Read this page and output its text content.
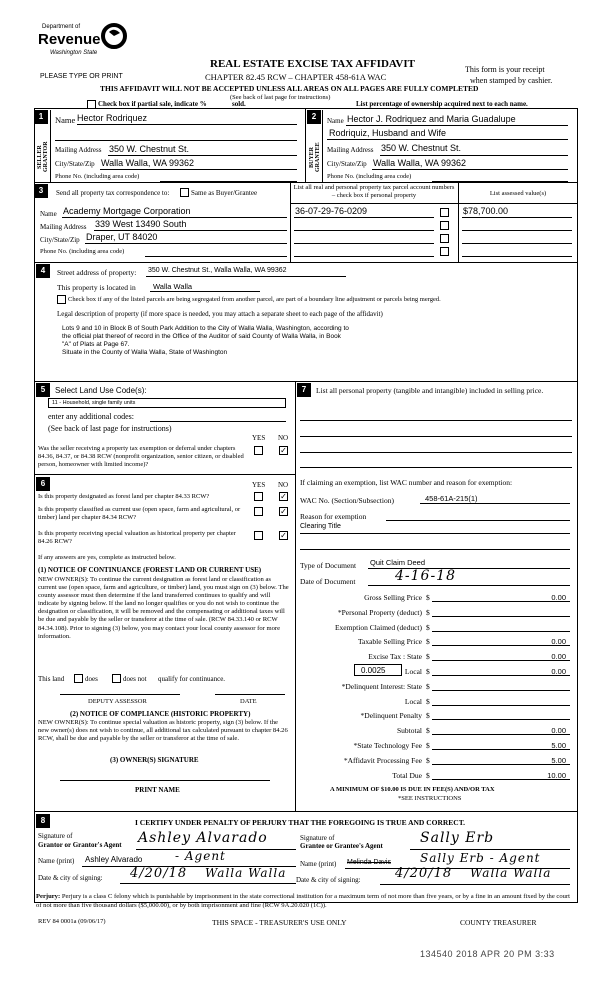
Department of
Revenue
Washington State
PLEASE TYPE OR PRINT
REAL ESTATE EXCISE TAX AFFIDAVIT
CHAPTER 82.45 RCW – CHAPTER 458-61A WAC
This form is your receipt
when stamped by cashier.
THIS AFFIDAVIT WILL NOT BE ACCEPTED UNLESS ALL AREAS ON ALL PAGES ARE FULLY COMPLETED
(See back of last page for instructions)
Check box if partial sale, indicate %	sold.	List percentage of ownership acquired next to each name.
1
SELLER GRANTOR
Name Hector Rodriquez
Mailing Address 350 W. Chestnut St.
City/State/Zip Walla Walla, WA 99362
Phone No. (including area code)
2
BUYER GRANTEE
Name Hector J. Rodriquez and Maria Guadalupe
Rodriquiz, Husband and Wife
Mailing Address 350 W. Chestnut St.
City/State/Zip Walla Walla, WA 99362
Phone No. (including area code)
3	Send all property tax correspondence to:	Same as Buyer/Grantee
Name Academy Mortgage Corporation
Mailing Address 339 West 13490 South
City/State/Zip Draper, UT 84020
Phone No. (including area code)
List all real and personal property tax parcel account numbers – check box if personal property	List assessed value(s)
36-07-29-76-0209	$78,700.00
4	Street address of property: 350 W. Chestnut St., Walla Walla, WA 99362
This property is located in Walla Walla
Check box if any of the listed parcels are being segregated from another parcel, are part of a boundary line adjustment or parcels being merged.
Legal description of property (if more space is needed, you may attach a separate sheet to each page of the affidavit)
Lots 9 and 10 in Block B of South Park Addition to the City of Walla Walla, Washington, according to
the official plat thereof of record in the Office of the Auditor of said County of Walla Walla, in Book
"A" of Plats at Page 67.
Situate in the County of Walla Walla, State of Washington
5	Select Land Use Code(s):
11 - Household, single family units
enter any additional codes:
(See back of last page for instructions)
YES NO
Was the seller receiving a property tax exemption or deferral under chapters 84.36, 84.37, or 84.38 RCW (nonprofit organization, senior citizen, or disabled person, homeowner with limited income)?
✓
6	YES NO
Is this property designated as forest land per chapter 84.33 RCW?	✓
Is this property classified as current use (open space, farm and agricultural, or timber) land per chapter 84.34 RCW?
✓
Is this property receiving special valuation as historical property per chapter 84.26 RCW?
✓
If any answers are yes, complete as instructed below.
(1) NOTICE OF CONTINUANCE (FOREST LAND OR CURRENT USE)
NEW OWNER(S): To continue the current designation as forest land or classification as current use (open space, farm and agriculture, or timber) land, you must sign on (3) below. The county assessor must then determine if the land transferred continues to qualify and will indicate by signing below. If the land no longer qualifies or you do not wish to continue the designation or classification, it will be removed and the compensating or additional taxes will be due and payable by the seller or transferor at the time of sale. (RCW 84.33.140 or RCW 84.34.108). Prior to signing (3) below, you may contact your local county assessor for more information.
This land	does	does not qualify for continuance.
DEPUTY ASSESSOR	DATE
(2) NOTICE OF COMPLIANCE (HISTORIC PROPERTY)
NEW OWNER(S): To continue special valuation as historic property, sign (3) below. If the new owner(s) does not wish to continue, all additional tax calculated pursuant to chapter 84.26 RCW, shall be due and payable by the seller or transferor at the time of sale.
(3) OWNER(S) SIGNATURE
PRINT NAME
7	List all personal property (tangible and intangible) included in selling price.
If claiming an exemption, list WAC number and reason for exemption:
WAC No. (Section/Subsection)	458-61A-215(1)
Reason for exemption
Clearing Title
Type of Document Quit Claim Deed
Date of Document	4-16-18
Gross Selling Price $	0.00
*Personal Property (deduct) $
Exemption Claimed (deduct) $
Taxable Selling Price $	0.00
Excise Tax : State $	0.00
Local $	0.00
*Delinquent Interest: State $
Local $
*Delinquent Penalty $
Subtotal $	0.00
*State Technology Fee $	5.00
*Affidavit Processing Fee $	5.00
Total Due $	10.00
0.0025
A MINIMUM OF $10.00 IS DUE IN FEE(S) AND/OR TAX
*SEE INSTRUCTIONS
8	I CERTIFY UNDER PENALTY OF PERJURY THAT THE FOREGOING IS TRUE AND CORRECT.
Signature of
Grantor or Grantor's Agent Ashley Alvarado	Signature of
Grantee or Grantee's Agent	Sally Erb
Name (print) Ashley Alvarado	- Agent
Name (print) Melinda Davis Sally Erb - Agent
Date & city of signing: 4/20/18 Walla Walla Date & city of signing:	4/20/18 Walla Walla
Perjury: Perjury is a class C felony which is punishable by imprisonment in the state correctional institution for a maximum term of not more than five years, or by a fine in an amount fixed by the court of not more than five thousand dollars ($5,000.00), or by both imprisonment and fine (RCW 9A.20.020 (1C)).
REV 84 0001a (09/06/17)	THIS SPACE - TREASURER'S USE ONLY	COUNTY TREASURER
134540 2018 APR 20 PM 3:33
